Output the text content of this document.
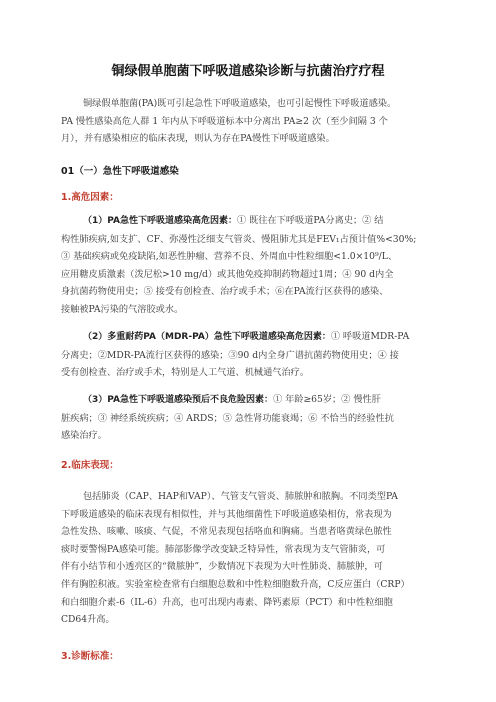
铜绿假单胞菌下呼吸道感染诊断与抗菌治疗疗程

铜绿假单胞菌(PA)既可引起急性下呼吸道感染，也可引起慢性下呼吸道感染。
PA 慢性感染高危人群 1 年内从下呼吸道标本中分离出 PA≥2 次（至少间隔 3 个
月），并有感染相应的临床表现，则认为存在PA慢性下呼吸道感染。

01（一）急性下呼吸道感染
1.高危因素：

（1）PA急性下呼吸道感染高危因素：① 既往在下呼吸道PA分离史；② 结
构性肺疾病,如支扩、CF、弥漫性泛细支气管炎、慢阻肺尤其是FEV₁占预计值%<30%;
③ 基础疾病或免疫缺陷,如恶性肿瘤、营养不良、外周血中性粒细胞<1.0×10⁹/L、
应用糖皮质激素（泼尼松>10 mg/d）或其他免疫抑制药物超过1周；④ 90 d内全
身抗菌药物使用史；⑤ 接受有创检查、治疗或手术；⑥在PA流行区获得的感染、
接触被PA污染的气溶胶或水。

（2）多重耐药PA（MDR-PA）急性下呼吸道感染高危因素：① 呼吸道MDR-PA
分离史；②MDR-PA流行区获得的感染；③90 d内全身广谱抗菌药物使用史；④ 接
受有创检查、治疗或手术，特别是人工气道、机械通气治疗。

（3）PA急性下呼吸道感染预后不良危险因素：① 年龄≥65岁；② 慢性肝
脏疾病；③ 神经系统疾病；④ ARDS；⑤ 急性肾功能衰竭；⑥ 不恰当的经验性抗
感染治疗。

2.临床表现：

包括肺炎（CAP、HAP和VAP）、气管支气管炎、肺脓肿和脓胸。不同类型PA
下呼吸道感染的临床表现有相似性，并与其他细菌性下呼吸道感染相仿，常表现为
急性发热、咳嗽、咳痰、气促，不常见表现包括咯血和胸痛。当患者咯黄绿色脓性
痰时要警惕PA感染可能。肺部影像学改变缺乏特异性，常表现为支气管肺炎，可
伴有小结节和小透亮区的“微脓肿”，少数情况下表现为大叶性肺炎、肺脓肿，可
伴有胸腔积液。实验室检查常有白细胞总数和中性粒细胞数升高，C反应蛋白（CRP）
和白细胞介素-6（IL-6）升高，也可出现内毒素、降钙素原（PCT）和中性粒细胞
CD64升高。

3.诊断标准：
